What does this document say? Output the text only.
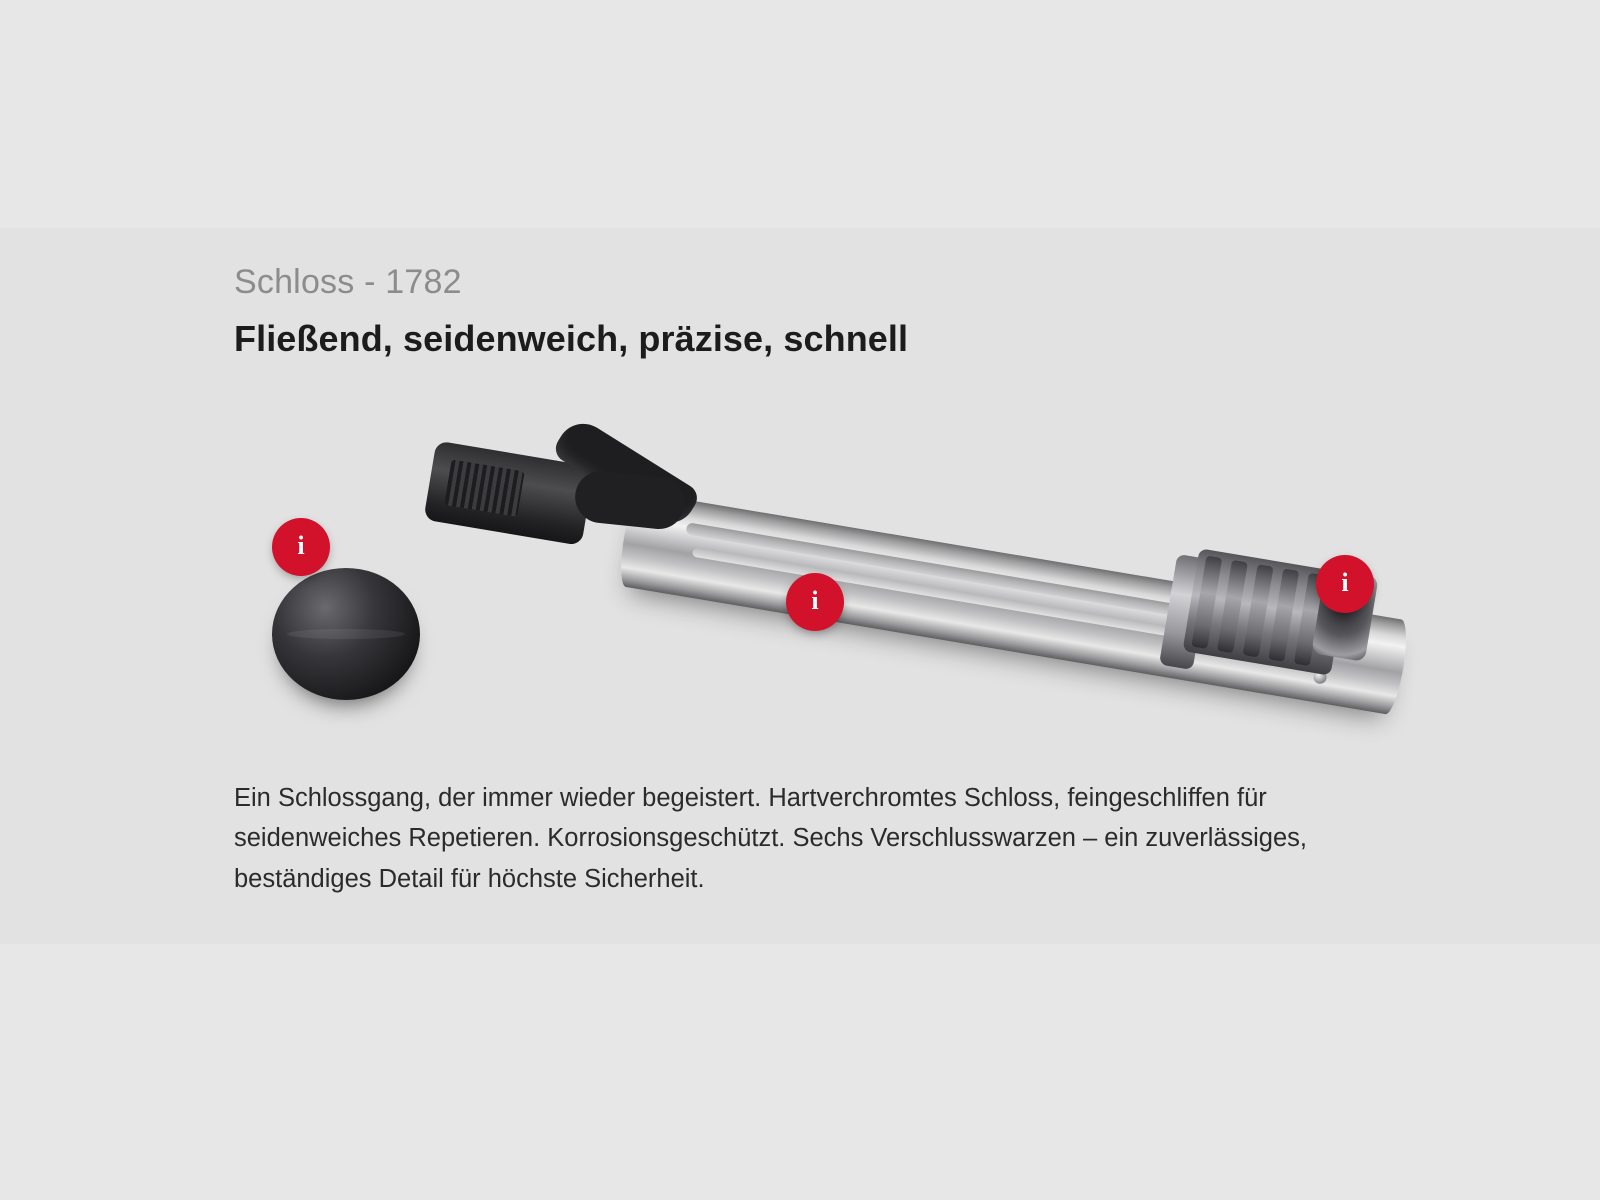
Schloss - 1782
Fließend, seidenweich, präzise, schnell
i
i
i

Ein Schlossgang, der immer wieder begeistert. Hartverchromtes Schloss, feingeschliffen für seidenweiches Repetieren. Korrosionsgeschützt. Sechs Verschlusswarzen – ein zuverlässiges, beständiges Detail für höchste Sicherheit.
